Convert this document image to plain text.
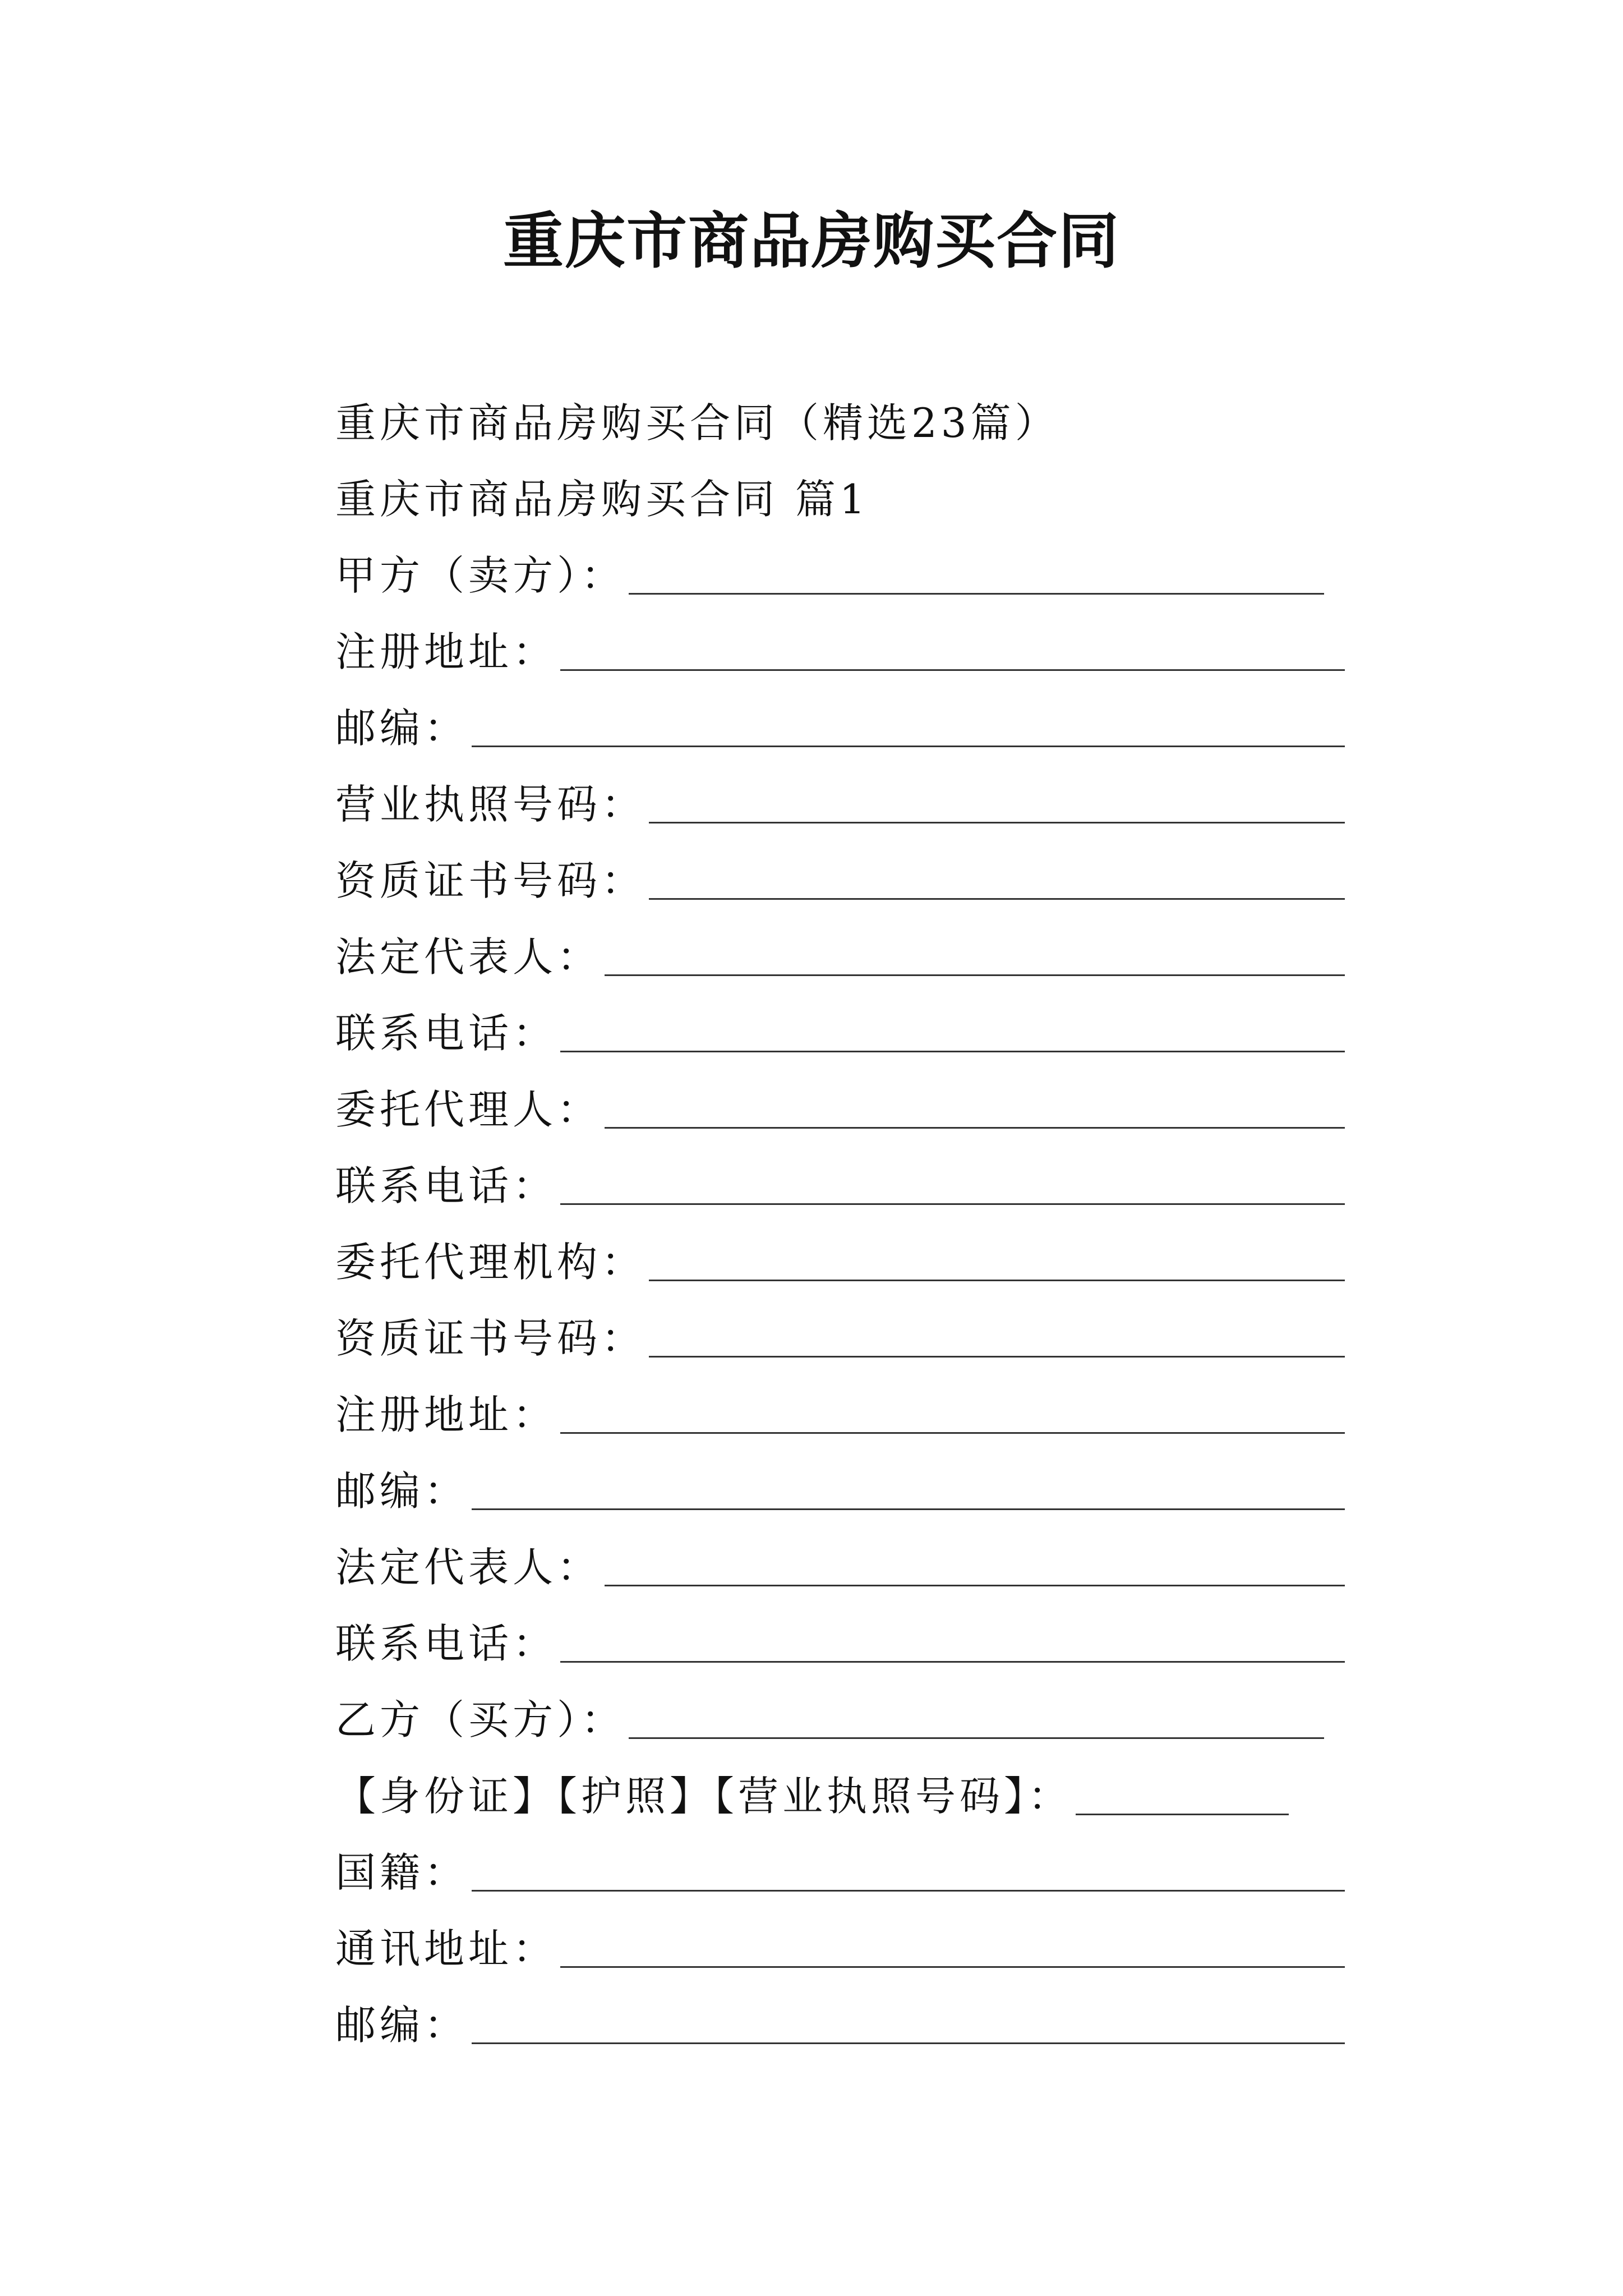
重庆市商品房购买合同
重庆市商品房购买合同（精选23篇）
重庆市商品房购买合同 篇1
甲方（卖方）：
注册地址：
邮编：
营业执照号码：
资质证书号码：
法定代表人：
联系电话：
委托代理人：
联系电话：
委托代理机构：
资质证书号码：
注册地址：
邮编：
法定代表人：
联系电话：
乙方（买方）：
【身份证】【护照】【营业执照号码】：
国籍：
通讯地址：
邮编：
